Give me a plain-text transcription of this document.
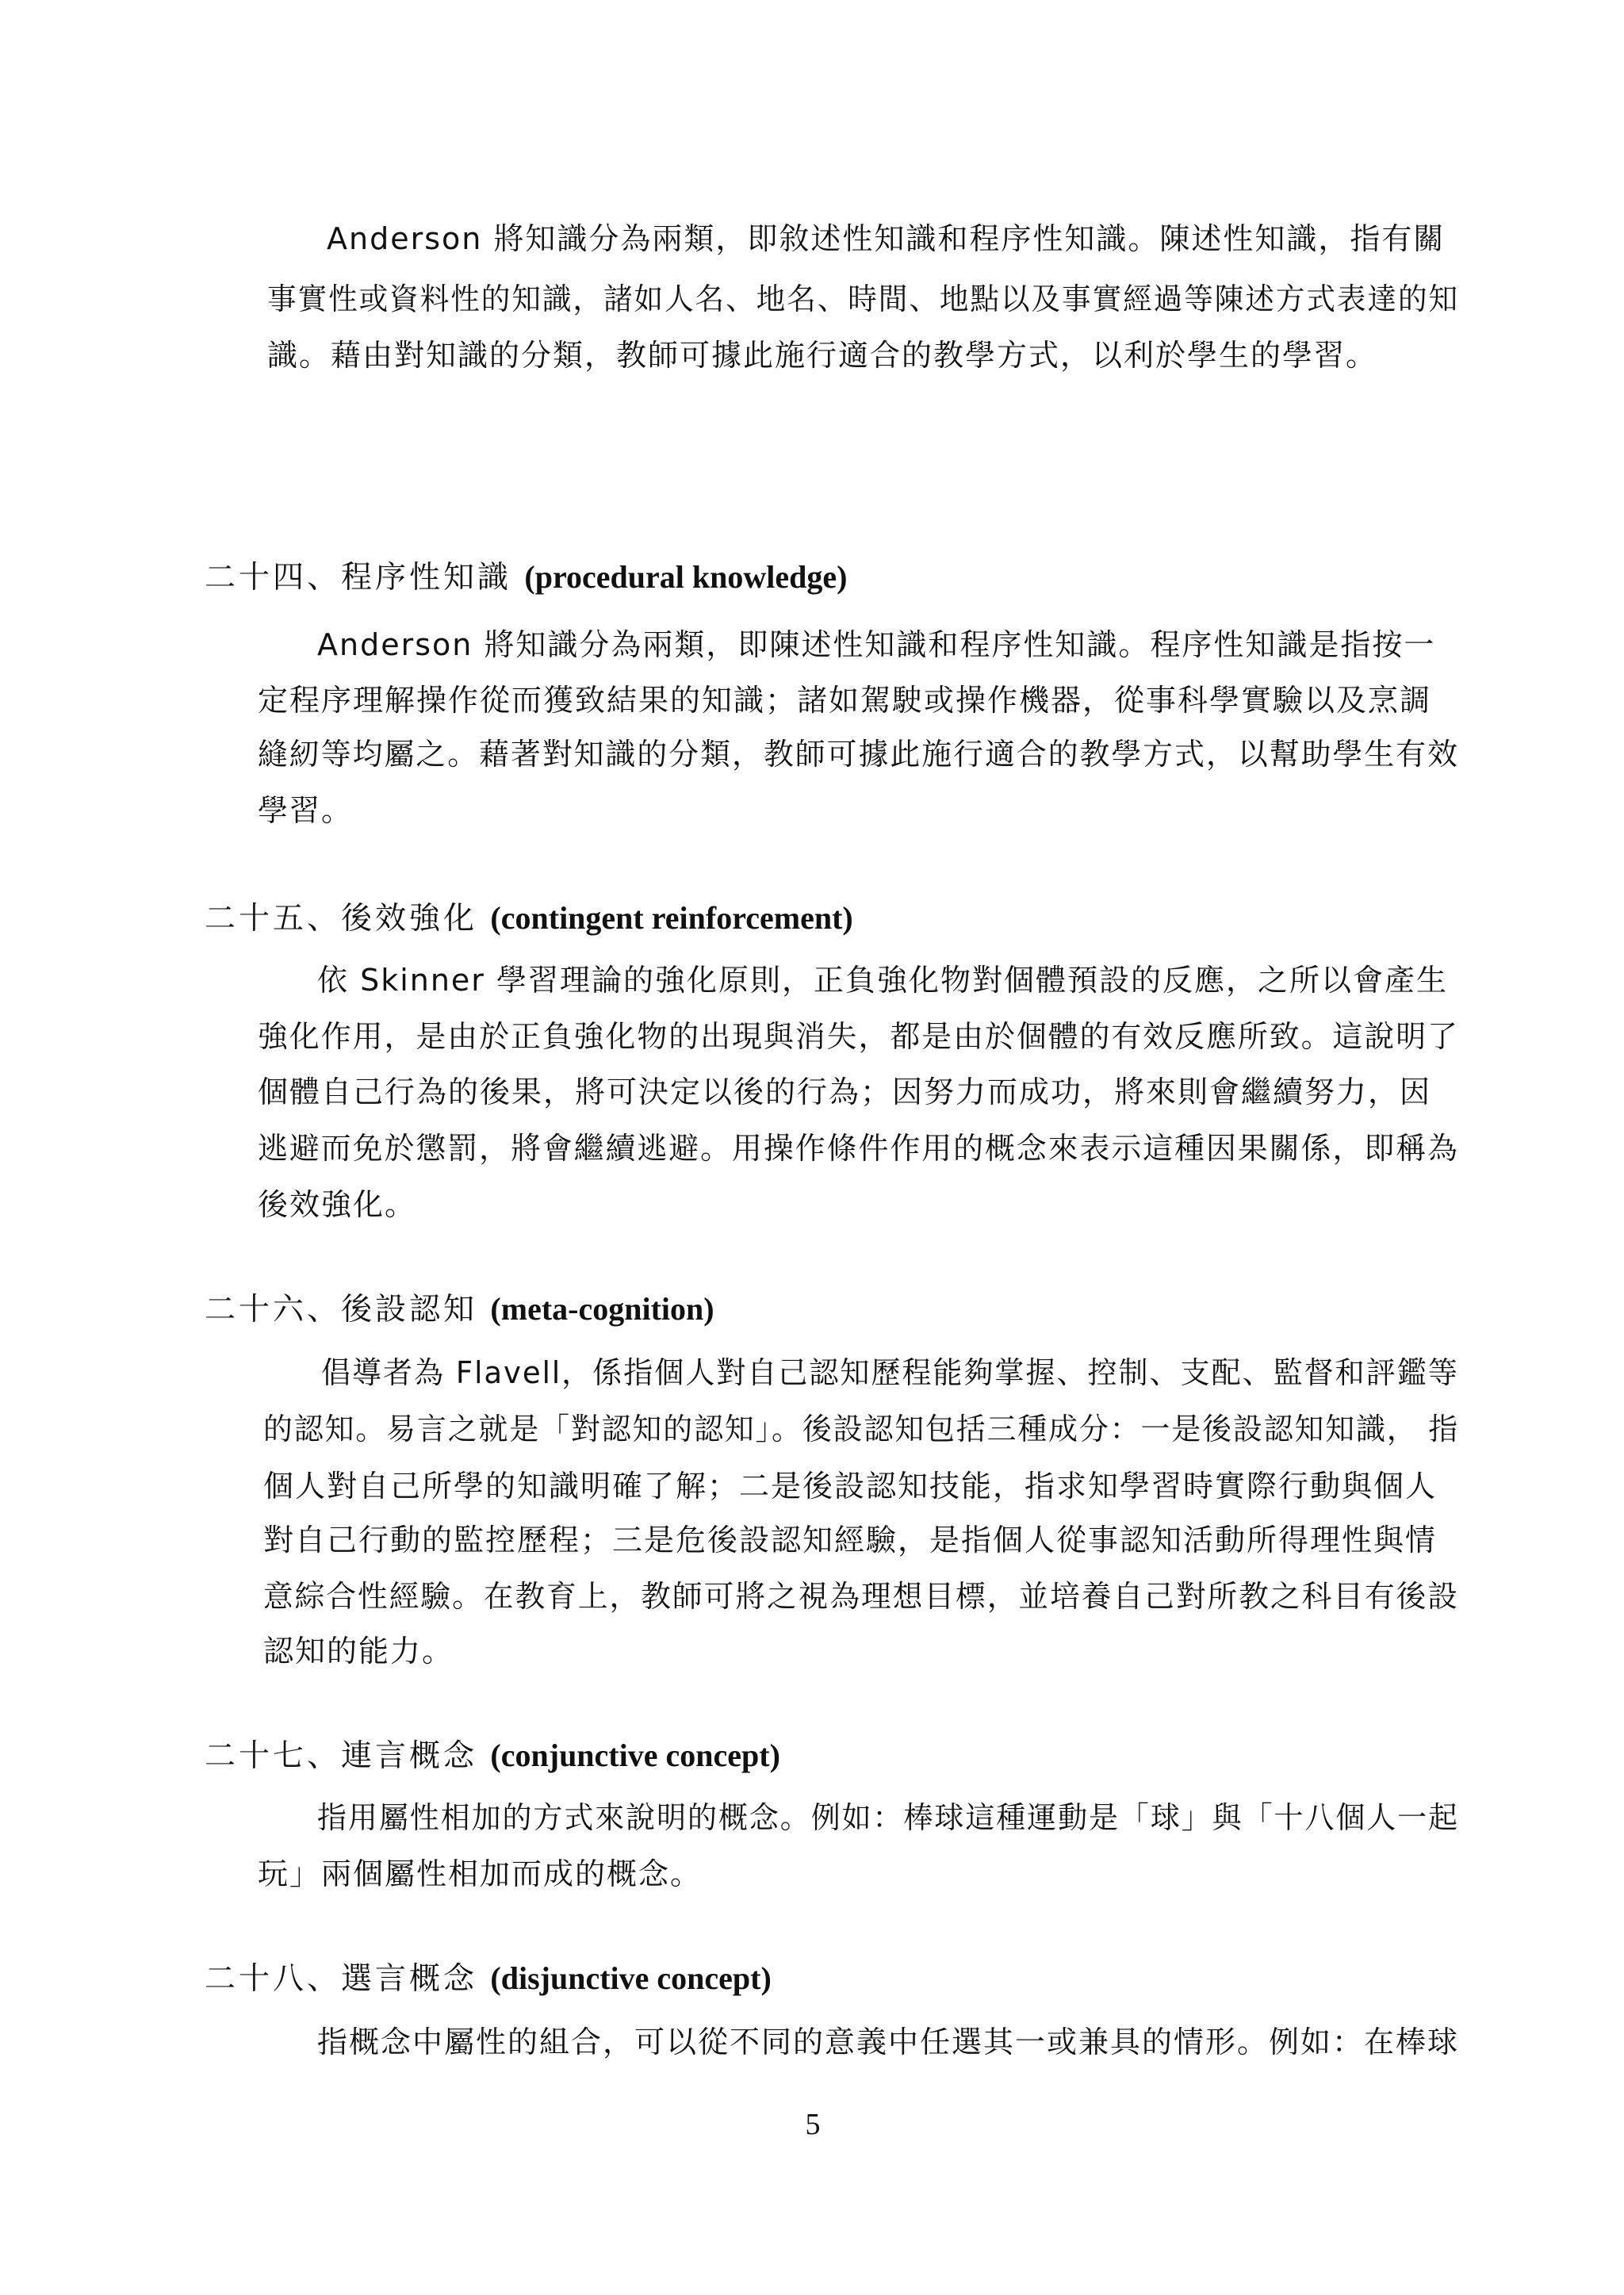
Anderson 將知識分為兩類，即敘述性知識和程序性知識。陳述性知識，指有關
事實性或資料性的知識，諸如人名、地名、時間、地點以及事實經過等陳述方式表達的知
識。藉由對知識的分類，教師可據此施行適合的教學方式，以利於學生的學習。
二十四、程序性知識 (procedural knowledge)
Anderson 將知識分為兩類，即陳述性知識和程序性知識。程序性知識是指按一
定程序理解操作從而獲致結果的知識；諸如駕駛或操作機器，從事科學實驗以及烹調
縫紉等均屬之。藉著對知識的分類，教師可據此施行適合的教學方式，以幫助學生有效
學習。
二十五、後效強化 (contingent reinforcement)
依 Skinner 學習理論的強化原則，正負強化物對個體預設的反應，之所以會產生
強化作用，是由於正負強化物的出現與消失，都是由於個體的有效反應所致。這說明了
個體自己行為的後果，將可決定以後的行為；因努力而成功，將來則會繼續努力，因
逃避而免於懲罰，將會繼續逃避。用操作條件作用的概念來表示這種因果關係，即稱為
後效強化。
二十六、後設認知 (meta-cognition)
倡導者為 Flavell，係指個人對自己認知歷程能夠掌握、控制、支配、監督和評鑑等
的認知。易言之就是「對認知的認知」。後設認知包括三種成分：一是後設認知知識， 指
個人對自己所學的知識明確了解；二是後設認知技能，指求知學習時實際行動與個人
對自己行動的監控歷程；三是危後設認知經驗，是指個人從事認知活動所得理性與情
意綜合性經驗。在教育上，教師可將之視為理想目標，並培養自己對所教之科目有後設
認知的能力。
二十七、連言概念 (conjunctive concept)
指用屬性相加的方式來說明的概念。例如：棒球這種運動是「球」與「十八個人一起
玩」兩個屬性相加而成的概念。
二十八、選言概念 (disjunctive concept)
指概念中屬性的組合，可以從不同的意義中任選其一或兼具的情形。例如：在棒球
5
